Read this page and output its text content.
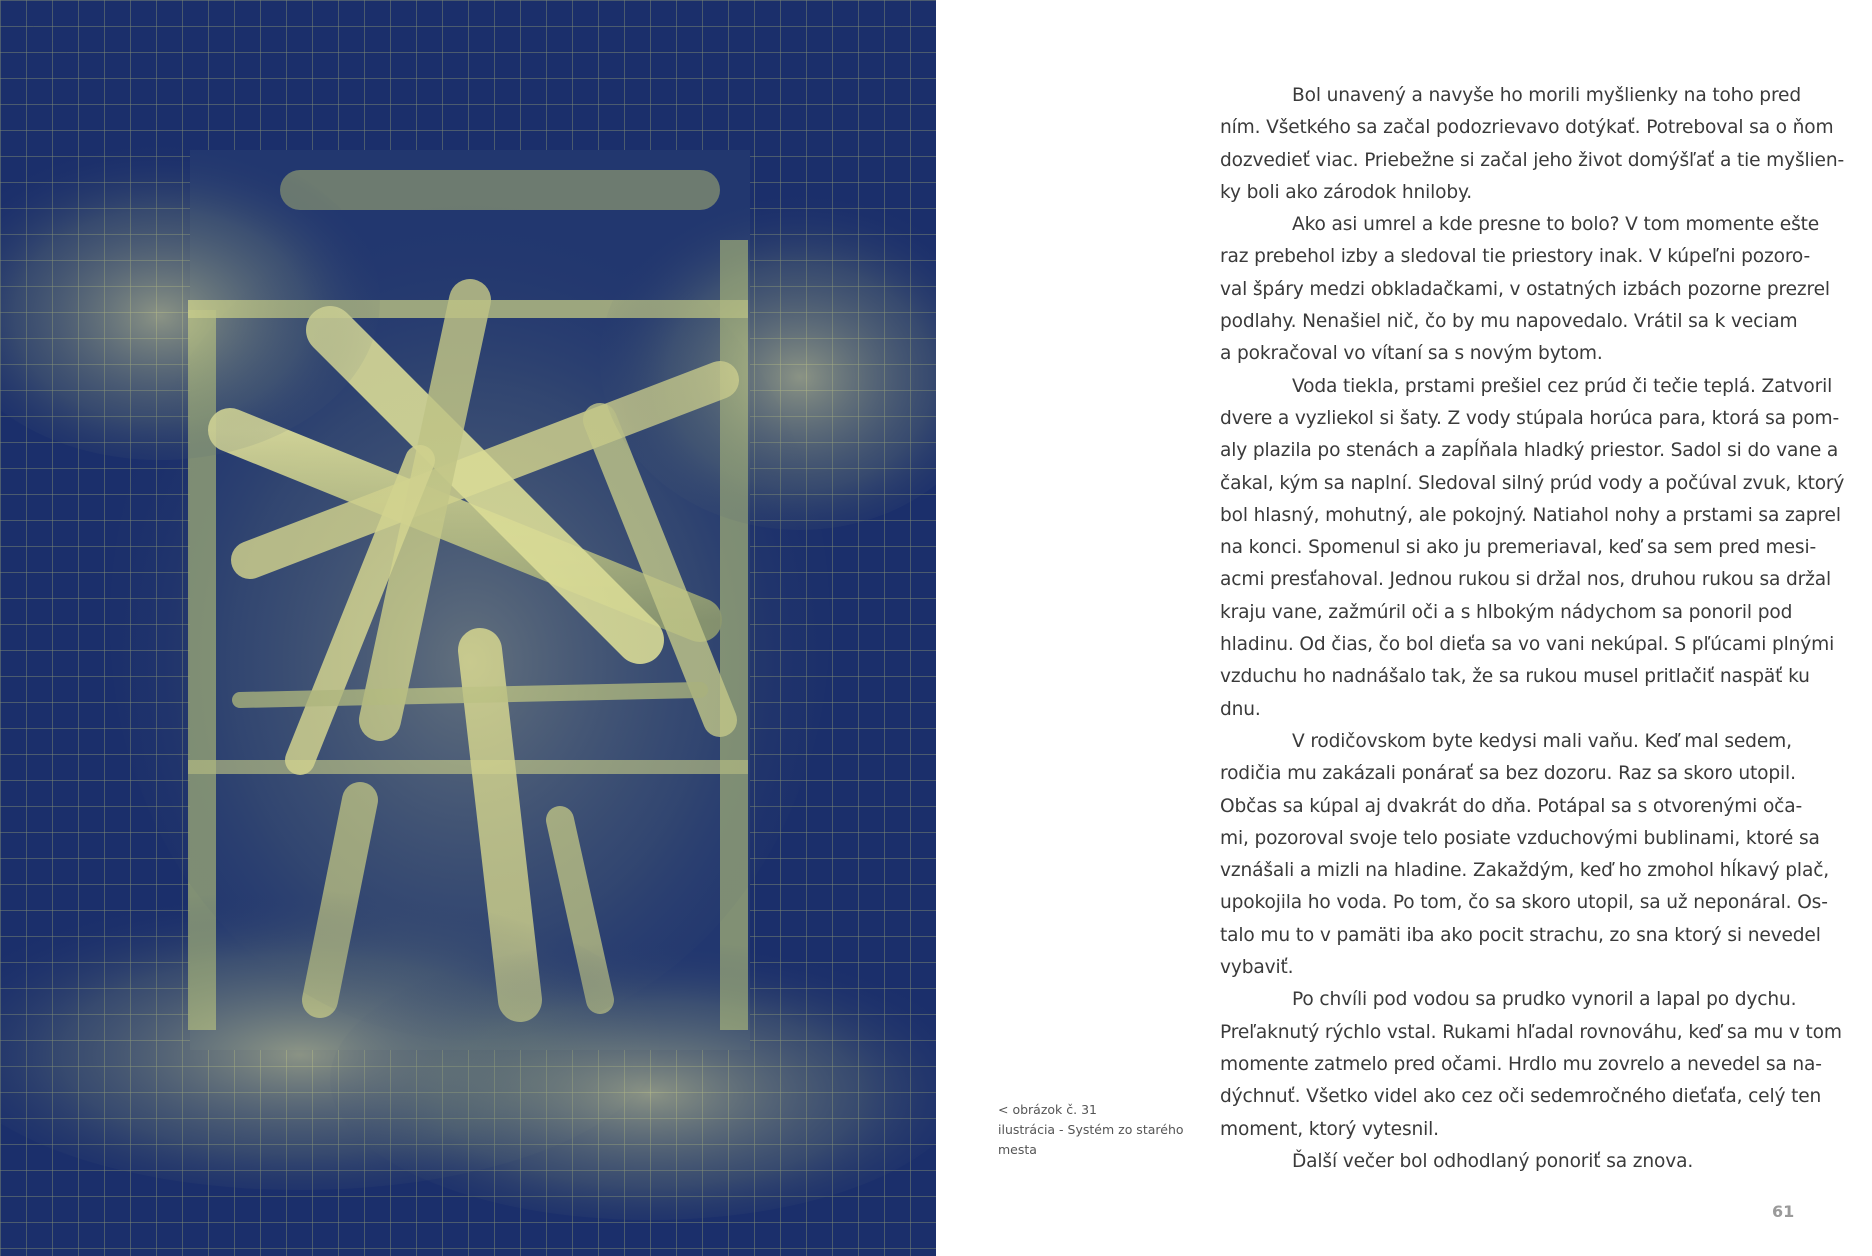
< obrázok č. 31
ilustrácia - Systém zo starého
mesta
Bol unavený a navyše ho morili myšlienky na toho pred
ním. Všetkého sa začal podozrievavo dotýkať. Potreboval sa o ňom
dozvedieť viac. Priebežne si začal jeho život domýšľať a tie myšlien-
ky boli ako zárodok hniloby.
Ako asi umrel a kde presne to bolo? V tom momente ešte
raz prebehol izby a sledoval tie priestory inak. V kúpeľni pozoro-
val špáry medzi obkladačkami, v ostatných izbách pozorne prezrel
podlahy. Nenašiel nič, čo by mu napovedalo. Vrátil sa k veciam
a pokračoval vo vítaní sa s novým bytom.
Voda tiekla, prstami prešiel cez prúd či tečie teplá. Zatvoril
dvere a vyzliekol si šaty. Z vody stúpala horúca para, ktorá sa pom-
aly plazila po stenách a zapĺňala hladký priestor. Sadol si do vane a
čakal, kým sa naplní. Sledoval silný prúd vody a počúval zvuk, ktorý
bol hlasný, mohutný, ale pokojný. Natiahol nohy a prstami sa zaprel
na konci. Spomenul si ako ju premeriaval, keď sa sem pred mesi-
acmi presťahoval. Jednou rukou si držal nos, druhou rukou sa držal
kraju vane, zažmúril oči a s hlbokým nádychom sa ponoril pod
hladinu. Od čias, čo bol dieťa sa vo vani nekúpal. S pľúcami plnými
vzduchu ho nadnášalo tak, že sa rukou musel pritlačiť naspäť ku
dnu.
V rodičovskom byte kedysi mali vaňu. Keď mal sedem,
rodičia mu zakázali ponárať sa bez dozoru. Raz sa skoro utopil.
Občas sa kúpal aj dvakrát do dňa. Potápal sa s otvorenými oča-
mi, pozoroval svoje telo posiate vzduchovými bublinami, ktoré sa
vznášali a mizli na hladine. Zakaždým, keď ho zmohol hĺkavý plač,
upokojila ho voda. Po tom, čo sa skoro utopil, sa už neponáral. Os-
talo mu to v pamäti iba ako pocit strachu, zo sna ktorý si nevedel
vybaviť.
Po chvíli pod vodou sa prudko vynoril a lapal po dychu.
Preľaknutý rýchlo vstal. Rukami hľadal rovnováhu, keď sa mu v tom
momente zatmelo pred očami. Hrdlo mu zovrelo a nevedel sa na-
dýchnuť. Všetko videl ako cez oči sedemročného dieťaťa, celý ten
moment, ktorý vytesnil.
Ďalší večer bol odhodlaný ponoriť sa znova.
61
